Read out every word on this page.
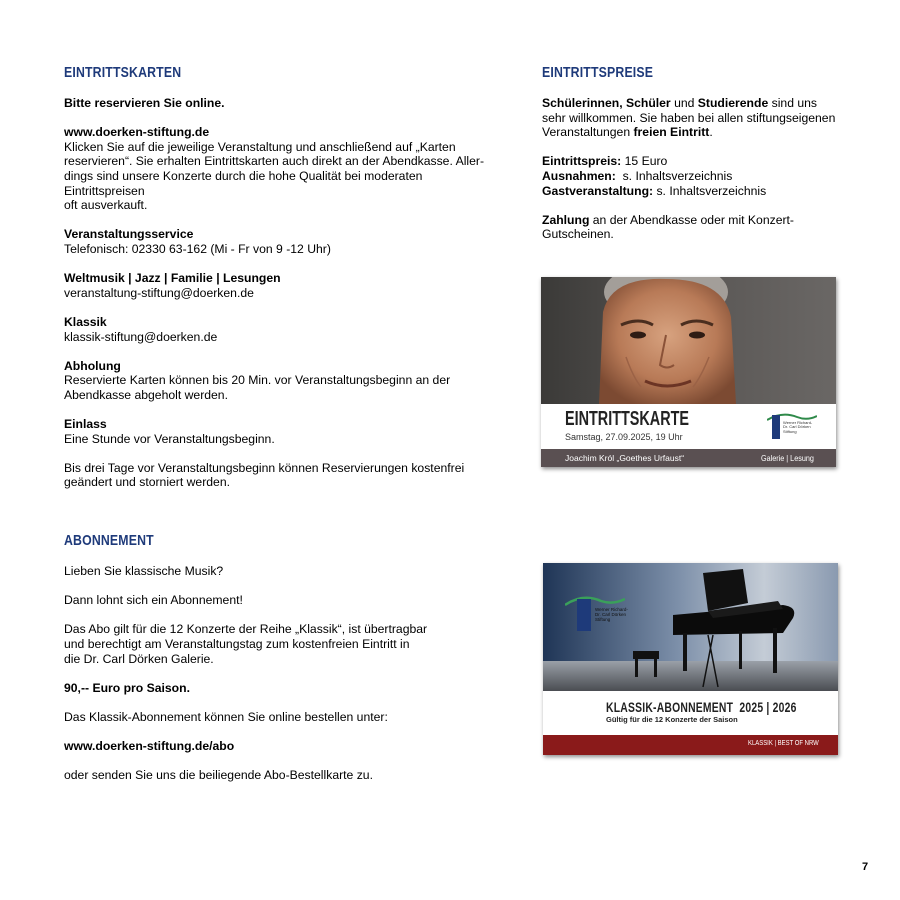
EINTRITTSKARTEN

Bitte reservieren Sie online.

www.doerken-stiftung.de
Klicken Sie auf die jeweilige Veranstaltung und anschließend auf „Karten
reservieren“. Sie erhalten Eintrittskarten auch direkt an der Abendkasse. Aller-
dings sind unsere Konzerte durch die hohe Qualität bei moderaten Eintrittspreisen
oft ausverkauft.

Veranstaltungsservice
Telefonisch: 02330 63-162 (Mi - Fr von 9 -12 Uhr)

Weltmusik | Jazz | Familie | Lesungen
veranstaltung-stiftung@doerken.de

Klassik
klassik-stiftung@doerken.de

Abholung
Reservierte Karten können bis 20 Min. vor Veranstaltungsbeginn an der
Abendkasse abgeholt werden.

Einlass
Eine Stunde vor Veranstaltungsbeginn.

Bis drei Tage vor Veranstaltungsbeginn können Reservierungen kostenfrei
geändert und storniert werden.

EINTRITTSPREISE

Schülerinnen, Schüler und Studierende sind uns
sehr willkommen. Sie haben bei allen stiftungseigenen
Veranstaltungen freien Eintritt.

Eintrittspreis: 15 Euro
Ausnahmen:  s. Inhaltsverzeichnis
Gastveranstaltung: s. Inhaltsverzeichnis

Zahlung an der Abendkasse oder mit Konzert-
Gutscheinen.

EINTRITTSKARTE
Samstag, 27.09.2025, 19 Uhr
Werner Richard-
Dr. Carl Dörken
Stiftung
Joachim Król „Goethes Urfaust“	Galerie | Lesung
ABONNEMENT

Lieben Sie klassische Musik?

Dann lohnt sich ein Abonnement!

Das Abo gilt für die 12 Konzerte der Reihe „Klassik“, ist übertragbar
und berechtigt am Veranstaltungstag zum kostenfreien Eintritt in
die Dr. Carl Dörken Galerie.

90,-- Euro pro Saison.

Das Klassik-Abonnement können Sie online bestellen unter:

www.doerken-stiftung.de/abo

oder senden Sie uns die beiliegende Abo-Bestellkarte zu.

Werner Richard-
Dr. Carl Dörken
Stiftung
KLASSIK-ABONNEMENT  2025 | 2026
Gültig für die 12 Konzerte der Saison
KLASSIK | BEST OF NRW
7
